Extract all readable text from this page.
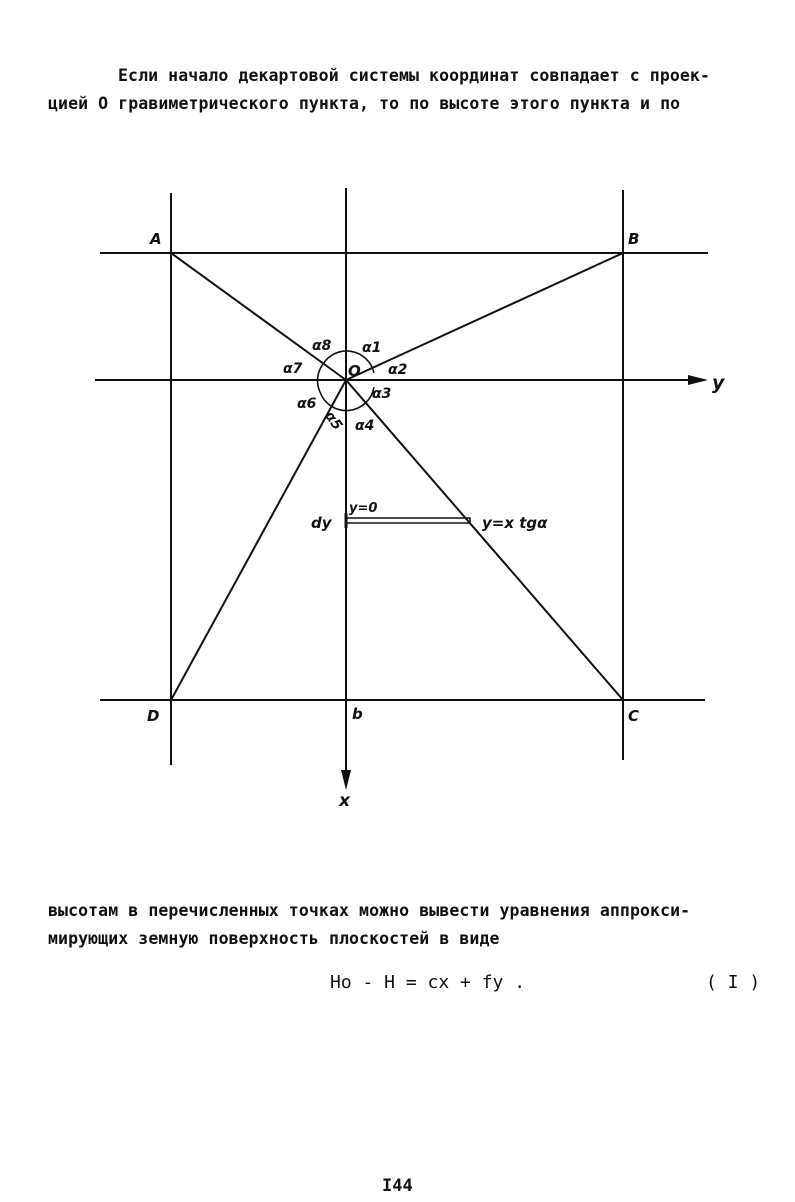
Если начало декартовой системы координат совпадает с проек-
цией О гравиметрического пункта, то по высоте этого пункта и по
A	B
C
D
O
y
x
b
α1
α2
α3
α4
α5
α6
α7
α8
y=0
dy	y=x tgα
высотам в перечисленных точках можно вывести уравнения аппрокси-
мирующих земную поверхность плоскостей в виде
Hо - H = cx + fy .	( I )
I44
